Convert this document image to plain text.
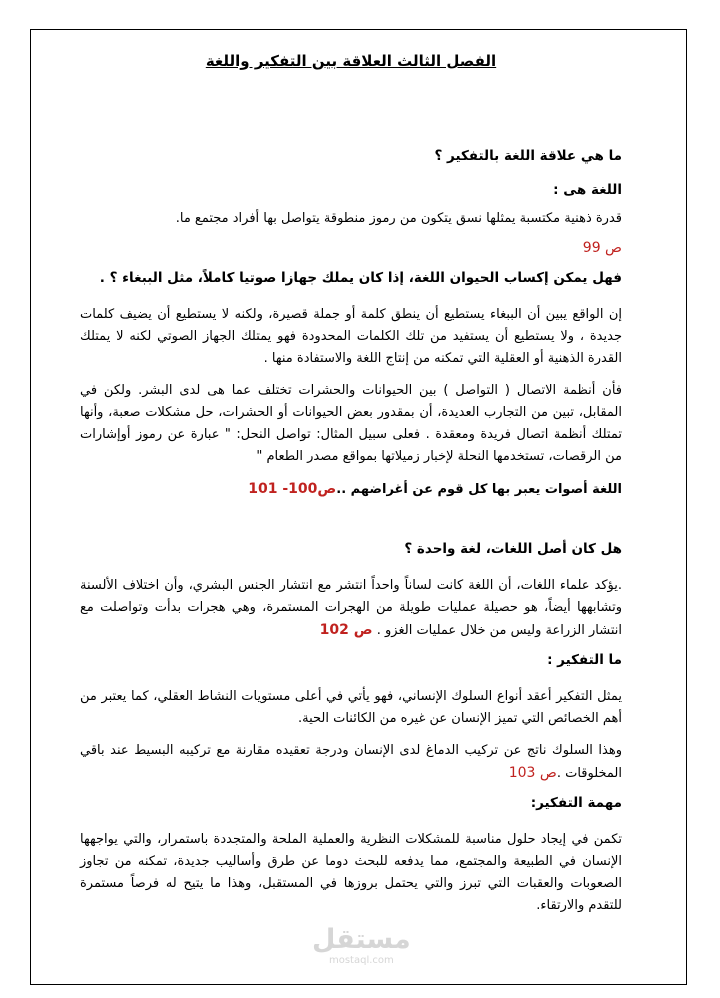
الفصل الثالث العلاقة بين التفكير واللغة
ما هي علاقة اللغة بالتفكير ؟
اللغة هى :
قدرة ذهنية مكتسبة يمثلها نسق يتكون من رموز منطوقة يتواصل بها أفراد مجتمع ما.
ص 99
فهل يمكن إكساب الحيوان اللغة، إذا كان يملك جهازا صوتيا كاملاً، مثل الببغاء ؟ .
إن الواقع يبين أن الببغاء يستطيع أن ينطق كلمة أو جملة قصيرة، ولكنه لا يستطيع أن يضيف كلمات جديدة ، ولا يستطيع أن يستفيد من تلك الكلمات المحدودة فهو يمتلك الجهاز الصوتي لكنه لا يمتلك القدرة الذهنية أو العقلية التي تمكنه من إنتاج اللغة والاستفادة منها .
فأن أنظمة الاتصال ( التواصل ) بين الحيوانات والحشرات تختلف عما هى لدى البشر. ولكن في المقابل، تبين من التجارب العديدة، أن بمقدور بعض الحيوانات أو الحشرات، حل مشكلات صعبة، وأنها تمتلك أنظمة اتصال فريدة ومعقدة . فعلى سبيل المثال: تواصل النحل: " عبارة عن رموز أوإشارات من الرقصات، تستخدمها النحلة لإخبار زميلاتها بمواقع مصدر الطعام "
اللغة أصوات يعبر بها كل قوم عن أغراضهم ..ص100- 101
هل كان أصل اللغات، لغة واحدة ؟
.يؤكد علماء اللغات، أن اللغة كانت لساناً واحداً انتشر مع انتشار الجنس البشري، وأن اختلاف الألسنة وتشابهها أيضاً، هو حصيلة عمليات طويلة من الهجرات المستمرة، وهي هجرات بدأت وتواصلت مع انتشار الزراعة وليس من خلال عمليات الغزو . ص 102
ما التفكير :
يمثل التفكير أعقد أنواع السلوك الإنساني، فهو يأتي في أعلى مستويات النشاط العقلي، كما يعتبر من أهم الخصائص التي تميز الإنسان عن غيره من الكائنات الحية.
وهذا السلوك ناتج عن تركيب الدماغ لدى الإنسان ودرجة تعقيده مقارنة مع تركيبه البسيط عند باقي المخلوقات .ص 103
مهمة التفكير:
تكمن في إيجاد حلول مناسبة للمشكلات النظرية والعملية الملحة والمتجددة باستمرار، والتي يواجهها الإنسان في الطبيعة والمجتمع، مما يدفعه للبحث دوما عن طرق وأساليب جديدة، تمكنه من تجاوز الصعوبات والعقبات التي تبرز والتي يحتمل بروزها في المستقبل، وهذا ما يتيح له فرصاً مستمرة للتقدم والارتقاء.
مستقل
mostaql.com
